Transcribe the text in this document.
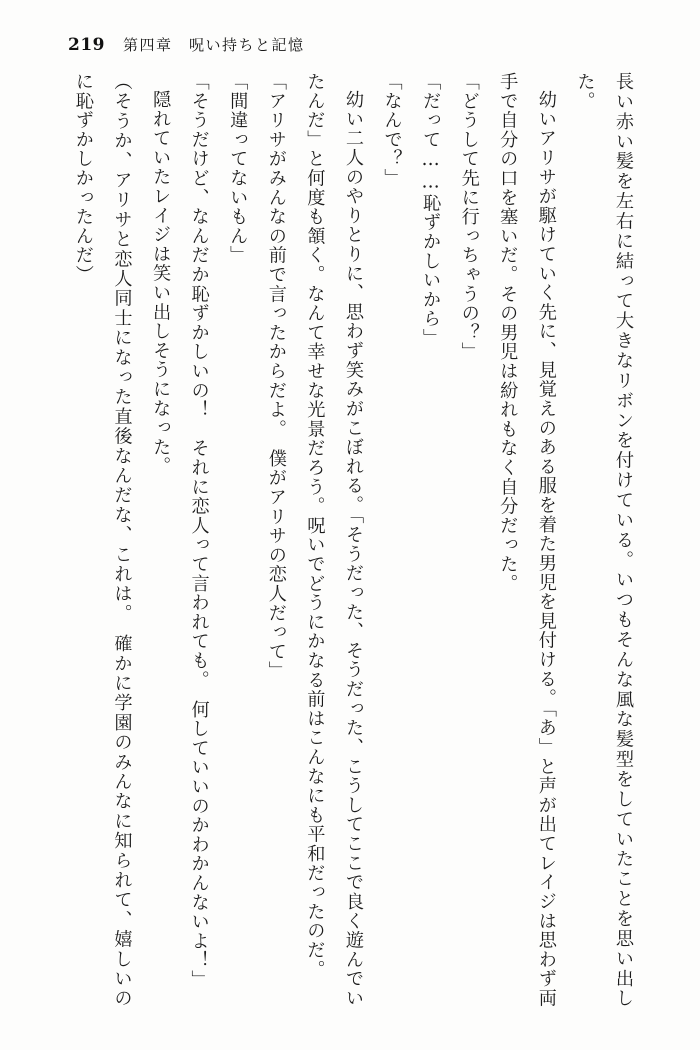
219 第四章　呪い持ちと記憶

長い赤い髪を左右に結って大きなリボンを付けている。いつもそんな風な髪型をしていたことを思い出した。

幼いアリサが駆けていく先に、見覚えのある服を着た男児を見付ける。「あ」と声が出てレイジは思わず両手で自分の口を塞いだ。その男児は紛れもなく自分だった。

「どうして先に行っちゃうの？」

「だって……恥ずかしいから」

「なんで？」

幼い二人のやりとりに、思わず笑みがこぼれる。「そうだった、そうだった、こうしてここで良く遊んでいたんだ」と何度も頷く。なんて幸せな光景だろう。呪いでどうにかなる前はこんなにも平和だったのだ。

「アリサがみんなの前で言ったからだよ。　僕がアリサの恋人だって」

「間違ってないもん」

「そうだけど、なんだか恥ずかしいの！　それに恋人って言われても。　何していいのかわかんないよ！」

隠れていたレイジは笑い出しそうになった。

（そうか、アリサと恋人同士になった直後なんだな、これは。　確かに学園のみんなに知られて、嬉しいのに恥ずかしかったんだ）
